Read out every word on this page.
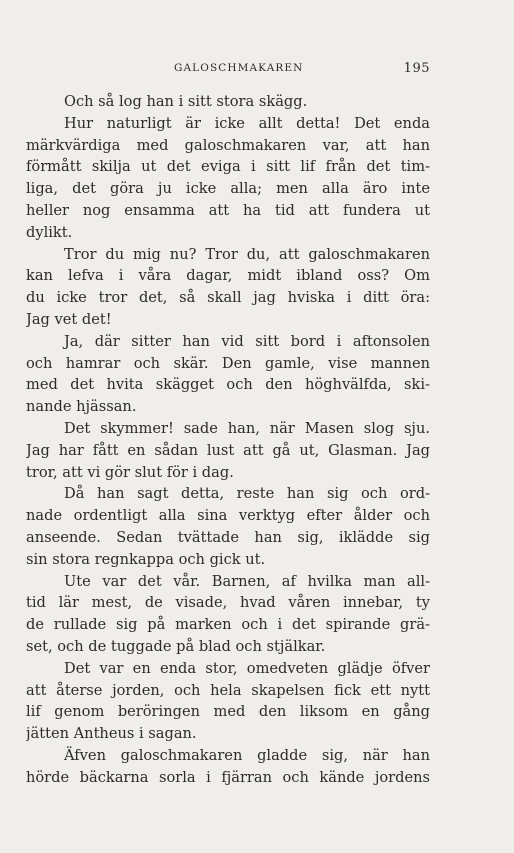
GALOSCHMAKAREN	195
Och så log han i sitt stora skägg.
Hur naturligt är icke allt detta! Det enda
märkvärdiga med galoschmakaren var, att han
förmått skilja ut det eviga i sitt lif från det tim-
liga, det göra ju icke alla; men alla äro inte
heller nog ensamma att ha tid att fundera ut
dylikt.
Tror du mig nu? Tror du, att galoschmakaren
kan lefva i våra dagar, midt ibland oss? Om
du icke tror det, så skall jag hviska i ditt öra:
Jag vet det!
Ja, där sitter han vid sitt bord i aftonsolen
och hamrar och skär. Den gamle, vise mannen
med det hvita skägget och den höghvälfda, ski-
nande hjässan.
Det skymmer! sade han, när Masen slog sju.
Jag har fått en sådan lust att gå ut, Glasman. Jag
tror, att vi gör slut för i dag.
Då han sagt detta, reste han sig och ord-
nade ordentligt alla sina verktyg efter ålder och
anseende. Sedan tvättade han sig, ikläddе sig
sin stora regnkappa och gick ut.
Ute var det vår. Barnen, af hvilka man all-
tid lär mest, de visade, hvad våren innebar, ty
de rullade sig på marken och i det spirande grä-
set, och de tuggade på blad och stjälkar.
Det var en enda stor, omedveten glädje öfver
att återse jorden, och hela skapelsen fick ett nytt
lif genom beröringen med den liksom en gång
jätten Antheus i sagan.
Äfven galoschmakaren gladde sig, när han
hörde bäckarna sorla i fjärran och kände jordens
